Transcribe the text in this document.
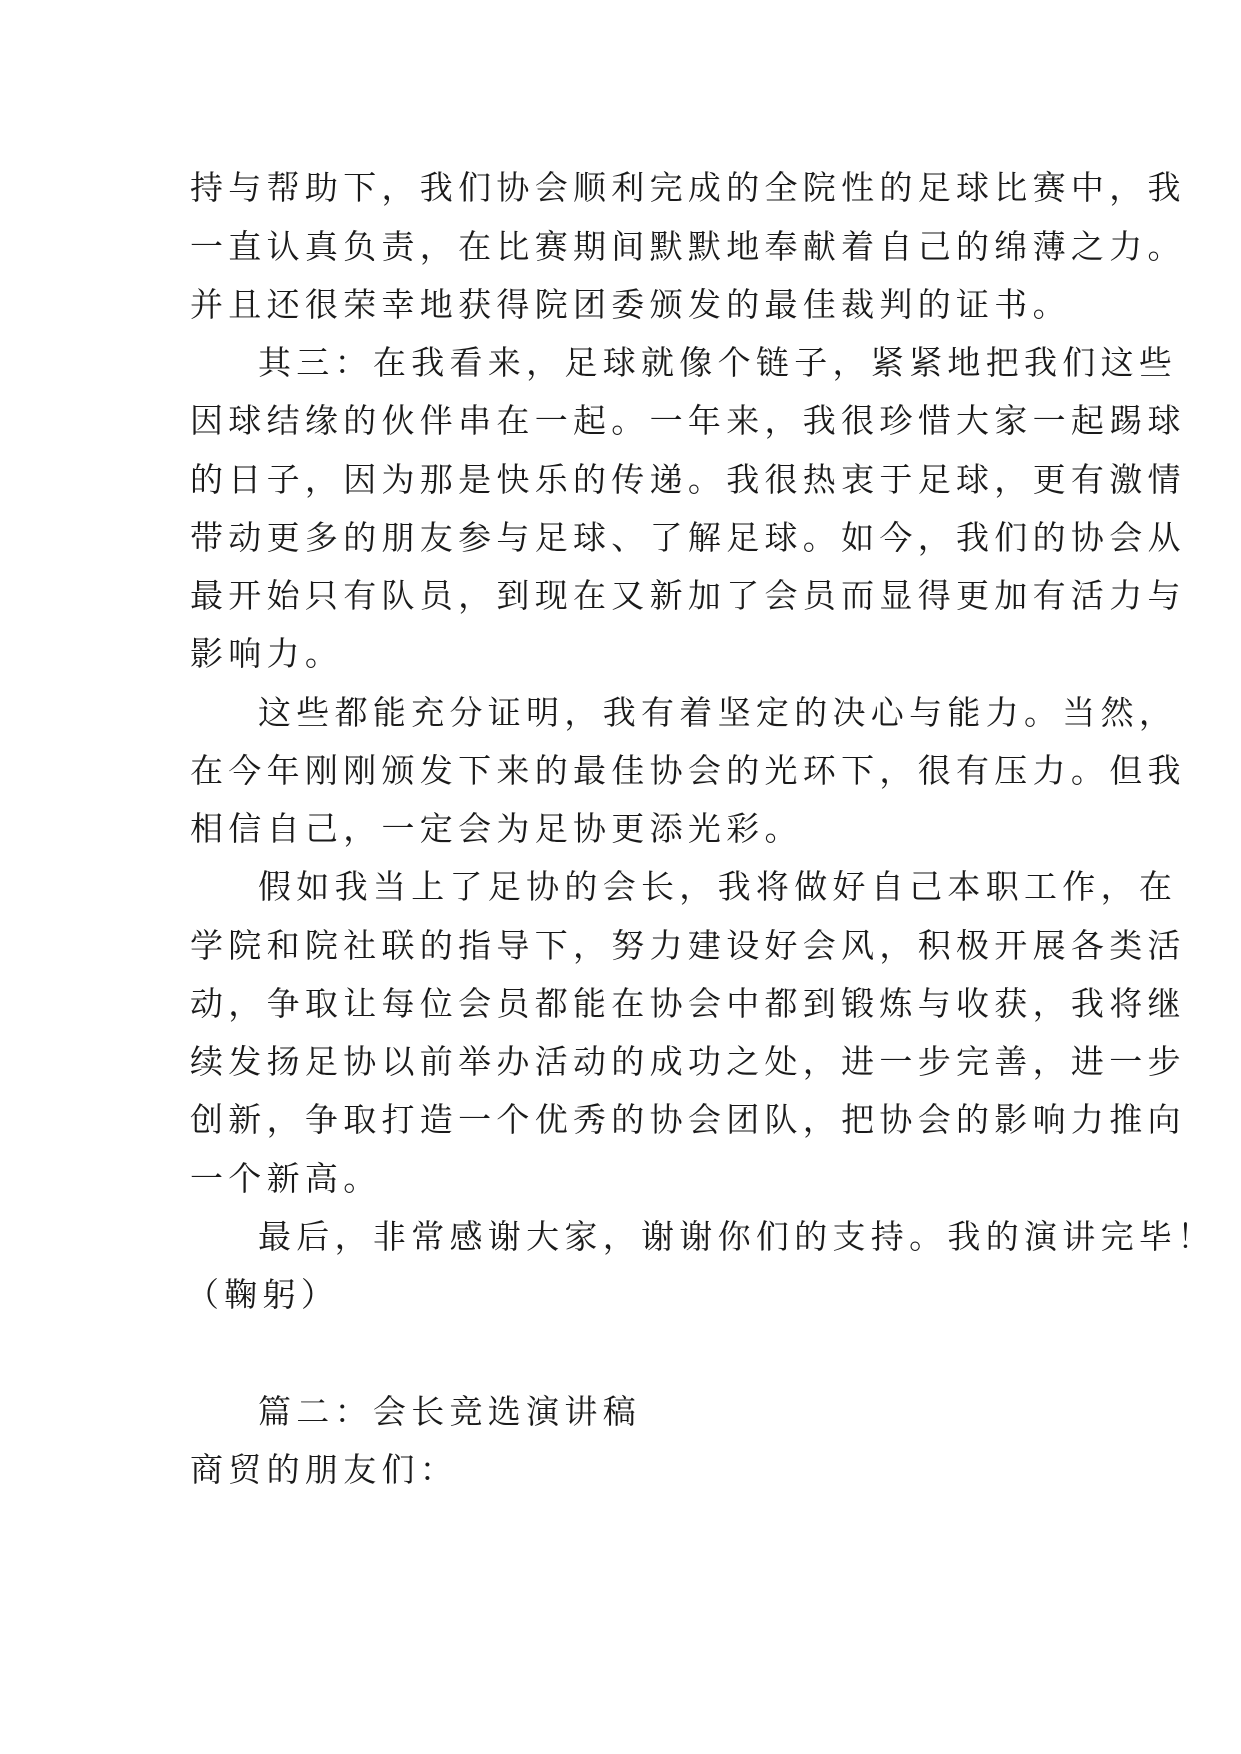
持与帮助下，我们协会顺利完成的全院性的足球比赛中，我
一直认真负责，在比赛期间默默地奉献着自己的绵薄之力。
并且还很荣幸地获得院团委颁发的最佳裁判的证书。
其三：在我看来，足球就像个链子，紧紧地把我们这些
因球结缘的伙伴串在一起。一年来，我很珍惜大家一起踢球
的日子，因为那是快乐的传递。我很热衷于足球，更有激情
带动更多的朋友参与足球、了解足球。如今，我们的协会从
最开始只有队员，到现在又新加了会员而显得更加有活力与
影响力。
这些都能充分证明，我有着坚定的决心与能力。当然，
在今年刚刚颁发下来的最佳协会的光环下，很有压力。但我
相信自己，一定会为足协更添光彩。
假如我当上了足协的会长，我将做好自己本职工作，在
学院和院社联的指导下，努力建设好会风，积极开展各类活
动，争取让每位会员都能在协会中都到锻炼与收获，我将继
续发扬足协以前举办活动的成功之处，进一步完善，进一步
创新，争取打造一个优秀的协会团队，把协会的影响力推向
一个新高。
最后，非常感谢大家，谢谢你们的支持。我的演讲完毕！
（鞠躬）
篇二：会长竞选演讲稿
商贸的朋友们：
